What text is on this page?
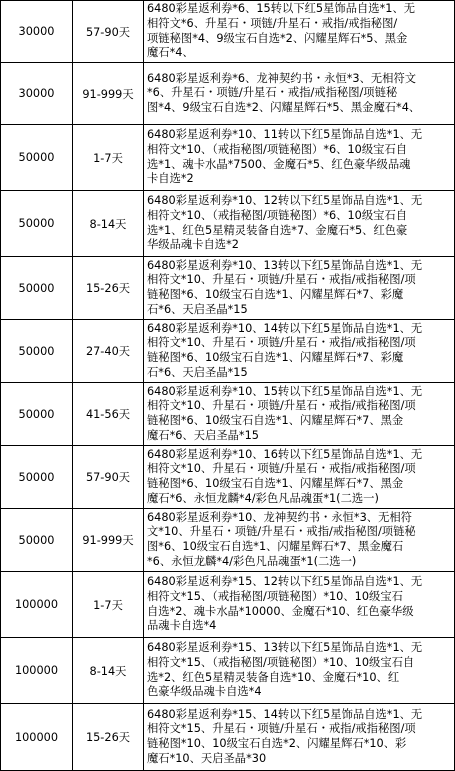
30000	57-90天	6480彩星返利券*6、15转以下红5星饰品自选*1、无
相符文*6、升星石・项链/升星石・戒指/戒指秘图/
项链秘图*4、9级宝石自选*2、闪耀星辉石*5、黑金
魔石*4、

30000	91-999天	6480彩星返利券*6、龙神契约书・永恒*3、无相符文
*6、升星石・项链/升星石・戒指/戒指秘图/项链秘
图*4、9级宝石自选*2、闪耀星辉石*5、黑金魔石*4、

50000	1-7天	6480彩星返利券*10、11转以下红5星饰品自选*1、无
相符文*10、（戒指秘图/项链秘图）*6、10级宝石自
选*1、魂卡水晶*7500、金魔石*5、红色豪华级品魂
卡自选*2

50000	8-14天	6480彩星返利券*10、12转以下红5星饰品自选*1、无
相符文*10、（戒指秘图/项链秘图）*6、10级宝石自
选*1、红色5星精灵装备自选*7、金魔石*5、红色豪
华级品魂卡自选*2

50000	15-26天	6480彩星返利券*10、13转以下红5星饰品自选*1、无
相符文*10、升星石・项链/升星石・戒指/戒指秘图/项
链秘图*6、10级宝石自选*1、闪耀星辉石*7、彩魔
石*6、天启圣晶*15

50000	27-40天	6480彩星返利券*10、14转以下红5星饰品自选*1、无
相符文*10、升星石・项链/升星石・戒指/戒指秘图/项
链秘图*6、10级宝石自选*1、闪耀星辉石*7、彩魔
石*6、天启圣晶*15

50000	41-56天	6480彩星返利券*10、15转以下红5星饰品自选*1、无
相符文*10、升星石・项链/升星石・戒指/戒指秘图/项
链秘图*6、10级宝石自选*1、闪耀星辉石*7、黑金
魔石*6、天启圣晶*15

50000	57-90天	6480彩星返利券*10、16转以下红5星饰品自选*1、无
相符文*10、升星石・项链/升星石・戒指/戒指秘图/项
链秘图*6、10级宝石自选*1、闪耀星辉石*7、黑金
魔石*6、永恒龙麟*4/彩色凡品魂蛋*1(二选一)

50000	91-999天	6480彩星返利券*10、龙神契约书・永恒*3、无相符
文*10、升星石・项链/升星石・戒指/戒指秘图/项链秘
图*6、10级宝石自选*1、闪耀星辉石*7、黑金魔石
*6、永恒龙麟*4/彩色凡品魂蛋*1(二选一)

100000	1-7天	6480彩星返利券*15、12转以下红5星饰品自选*1、无
相符文*15、（戒指秘图/项链秘图）*10、10级宝石
自选*2、魂卡水晶*10000、金魔石*10、红色豪华级
品魂卡自选*4

100000	8-14天	6480彩星返利券*15、13转以下红5星饰品自选*1、无
相符文*15、（戒指秘图/项链秘图）*10、10级宝石自
选*2、红色5星精灵装备自选*10、金魔石*10、红
色豪华级品魂卡自选*4

100000	15-26天	6480彩星返利券*15、14转以下红5星饰品自选*1、无
相符文*15、升星石・项链/升星石・戒指/戒指秘图/项
链秘图*10、10级宝石自选*2、闪耀星辉石*10、彩
魔石*10、天启圣晶*30
